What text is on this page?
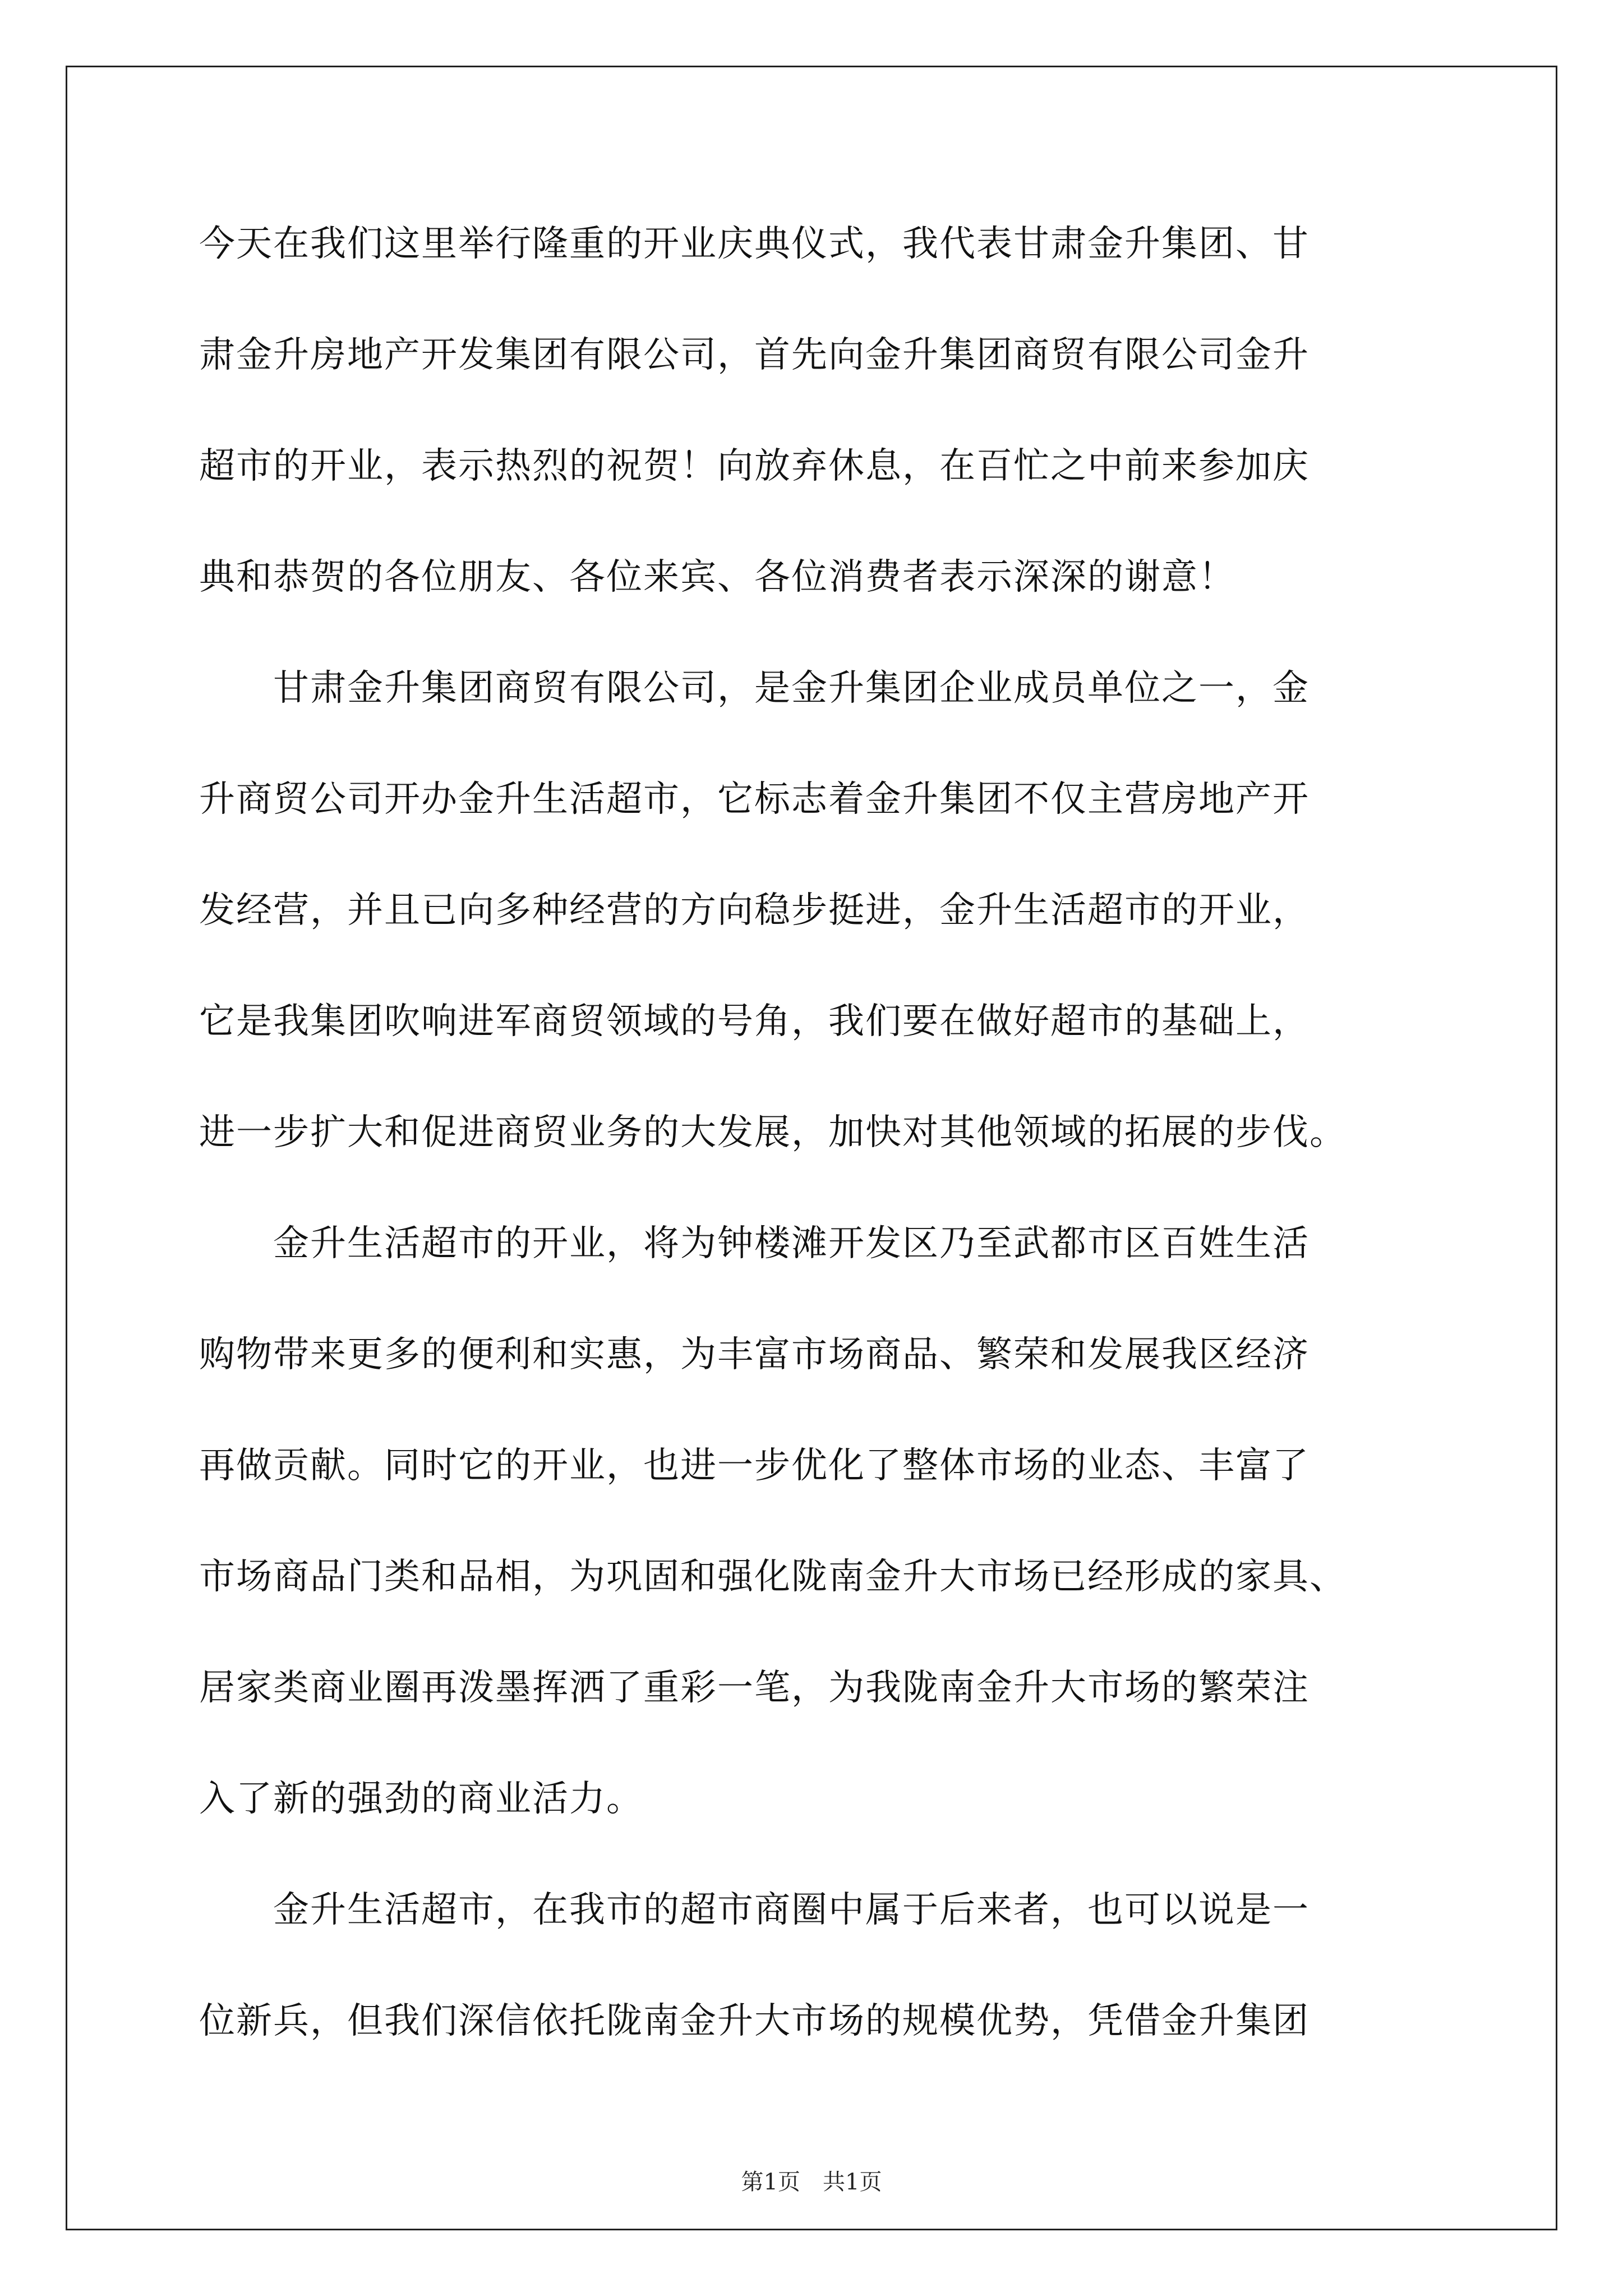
今天在我们这里举行隆重的开业庆典仪式，我代表甘肃金升集团、甘
肃金升房地产开发集团有限公司，首先向金升集团商贸有限公司金升
超市的开业，表示热烈的祝贺！向放弃休息，在百忙之中前来参加庆
典和恭贺的各位朋友、各位来宾、各位消费者表示深深的谢意！
　　甘肃金升集团商贸有限公司，是金升集团企业成员单位之一，金
升商贸公司开办金升生活超市，它标志着金升集团不仅主营房地产开
发经营，并且已向多种经营的方向稳步挺进，金升生活超市的开业，
它是我集团吹响进军商贸领域的号角，我们要在做好超市的基础上，
进一步扩大和促进商贸业务的大发展，加快对其他领域的拓展的步伐。
　　金升生活超市的开业，将为钟楼滩开发区乃至武都市区百姓生活
购物带来更多的便利和实惠，为丰富市场商品、繁荣和发展我区经济
再做贡献。同时它的开业，也进一步优化了整体市场的业态、丰富了
市场商品门类和品相，为巩固和强化陇南金升大市场已经形成的家具、
居家类商业圈再泼墨挥洒了重彩一笔，为我陇南金升大市场的繁荣注
入了新的强劲的商业活力。
　　金升生活超市，在我市的超市商圈中属于后来者，也可以说是一
位新兵，但我们深信依托陇南金升大市场的规模优势，凭借金升集团
第1页　共1页
